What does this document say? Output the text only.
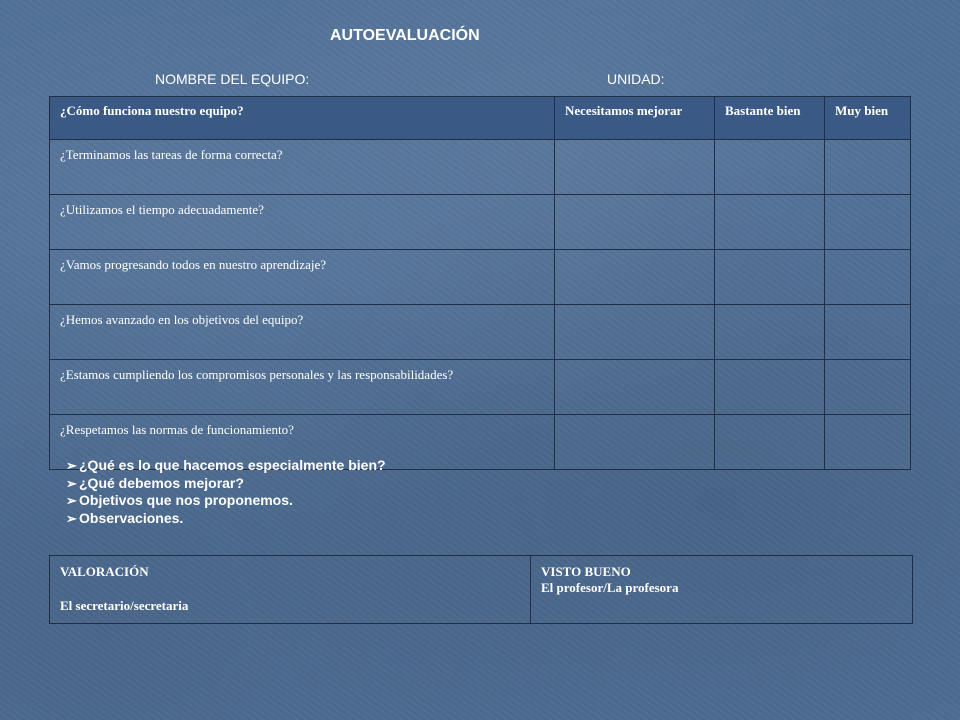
AUTOEVALUACIÓN
NOMBRE DEL EQUIPO:	UNIDAD:
¿Cómo funciona nuestro equipo?	Necesitamos mejorar	Bastante bien	Muy bien
¿Terminamos las tareas de forma correcta?			
¿Utilizamos el tiempo adecuadamente?			
¿Vamos progresando todos en nuestro aprendizaje?			
¿Hemos avanzado en los objetivos del equipo?			
¿Estamos cumpliendo los compromisos personales y las responsabilidades?			
¿Respetamos las normas de funcionamiento?			
➢ ¿Qué es lo que hacemos especialmente bien?
➢ ¿Qué debemos mejorar?
➢ Objetivos que nos proponemos.
➢ Observaciones.
VALORACIÓN
El secretario/secretaria
	VISTO BUENO
El profesor/La profesora
